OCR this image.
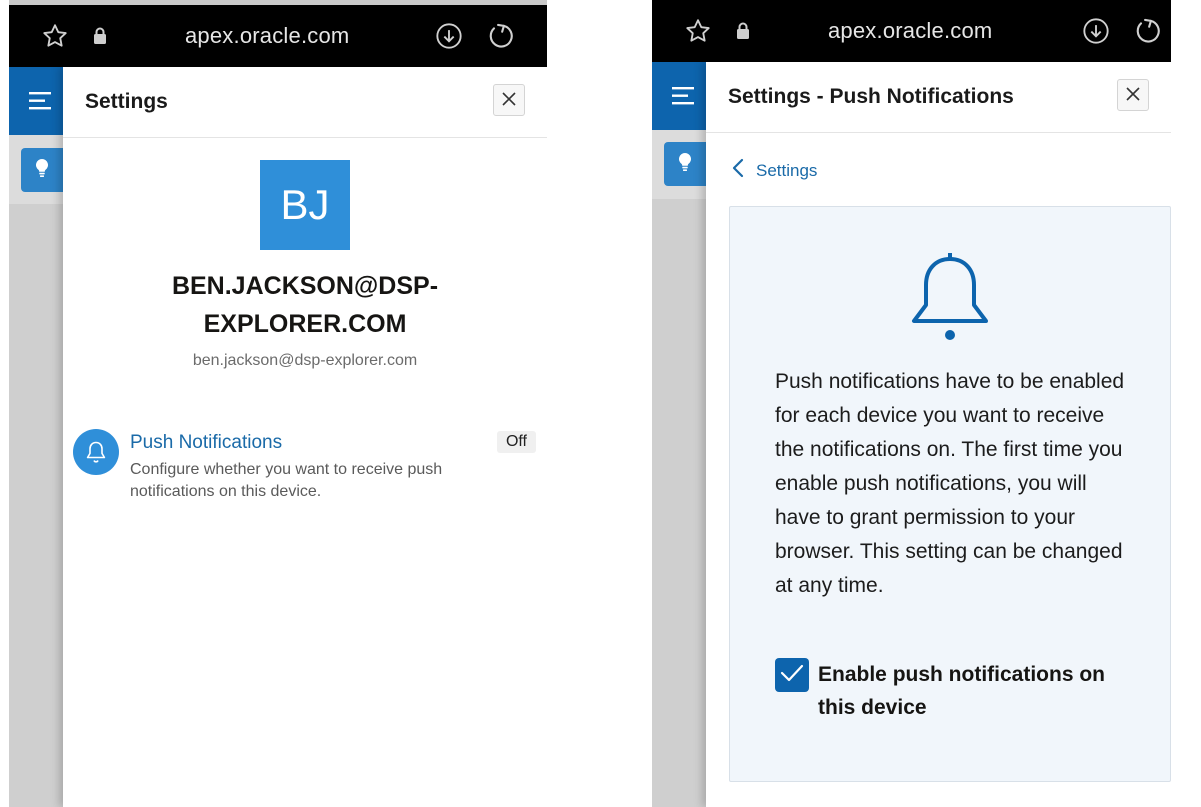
apex.oracle.com
Settings
BJ
BEN.JACKSON@DSP-EXPLORER.COM
ben.jackson@dsp-explorer.com
Push Notifications
Configure whether you want to receive push notifications on this device.
Off
apex.oracle.com
Settings - Push Notifications
Settings
Push notifications have to be enabled for each device you want to receive the notifications on. The first time you enable push notifications, you will have to grant permission to your browser. This setting can be changed at any time.
Enable push notifications on this device
